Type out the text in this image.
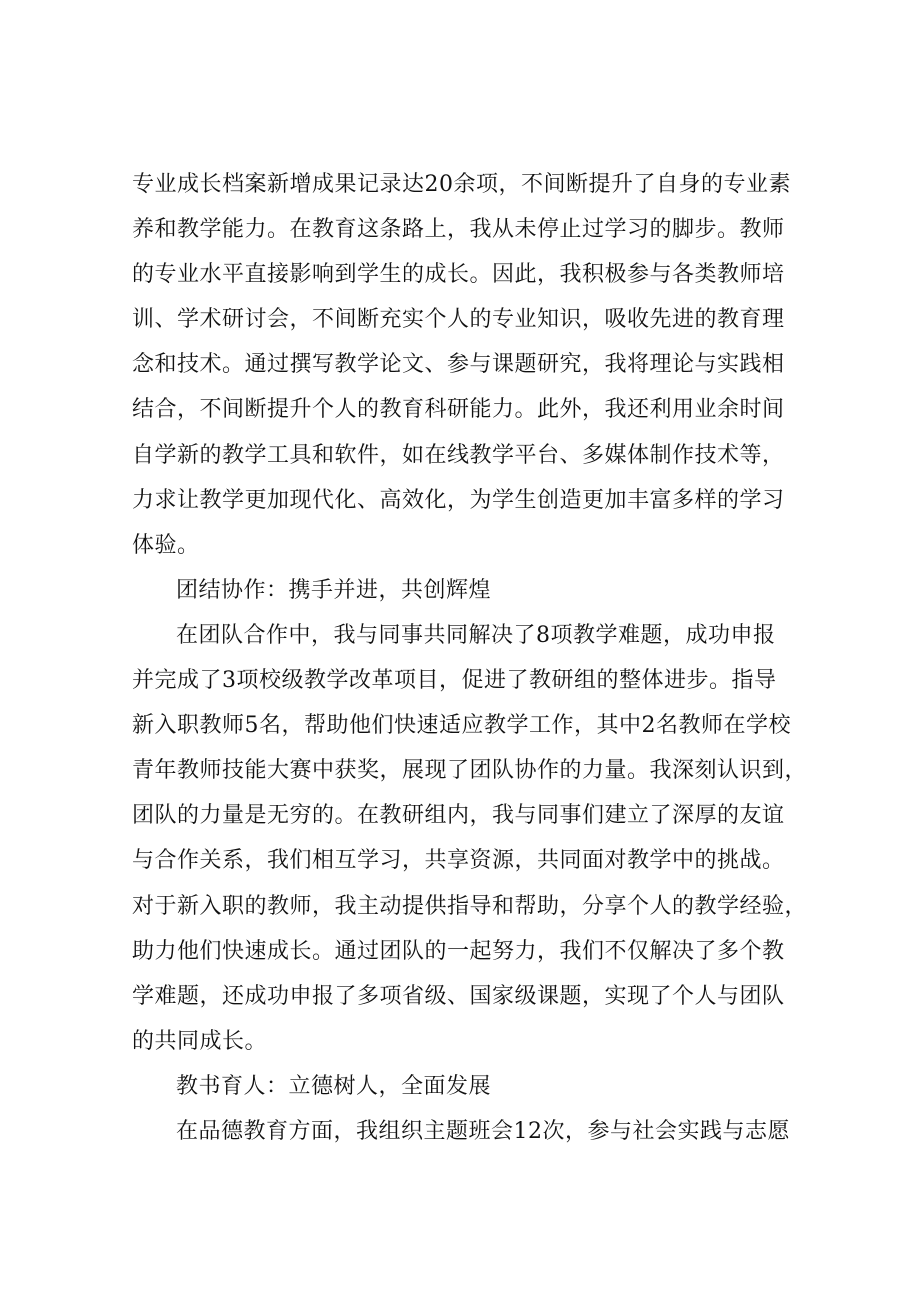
专业成长档案新增成果记录达20余项，不间断提升了自身的专业素
养和教学能力。在教育这条路上，我从未停止过学习的脚步。教师
的专业水平直接影响到学生的成长。因此，我积极参与各类教师培
训、学术研讨会，不间断充实个人的专业知识，吸收先进的教育理
念和技术。通过撰写教学论文、参与课题研究，我将理论与实践相
结合，不间断提升个人的教育科研能力。此外，我还利用业余时间
自学新的教学工具和软件，如在线教学平台、多媒体制作技术等，
力求让教学更加现代化、高效化，为学生创造更加丰富多样的学习
体验。
团结协作：携手并进，共创辉煌
在团队合作中，我与同事共同解决了8项教学难题，成功申报
并完成了3项校级教学改革项目，促进了教研组的整体进步。指导
新入职教师5名，帮助他们快速适应教学工作，其中2名教师在学校
青年教师技能大赛中获奖，展现了团队协作的力量。我深刻认识到，
团队的力量是无穷的。在教研组内，我与同事们建立了深厚的友谊
与合作关系，我们相互学习，共享资源，共同面对教学中的挑战。
对于新入职的教师，我主动提供指导和帮助，分享个人的教学经验，
助力他们快速成长。通过团队的一起努力，我们不仅解决了多个教
学难题，还成功申报了多项省级、国家级课题，实现了个人与团队
的共同成长。
教书育人：立德树人，全面发展
在品德教育方面，我组织主题班会12次，参与社会实践与志愿
